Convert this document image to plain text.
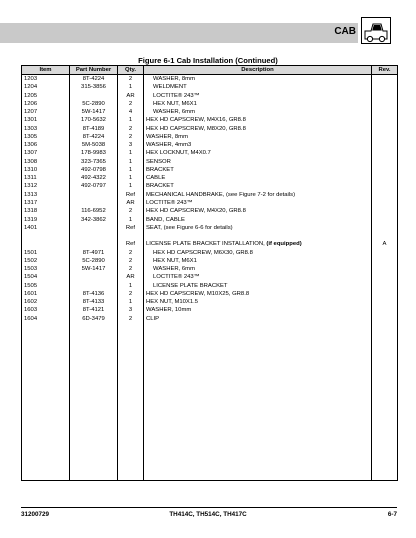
CAB
Figure 6-1 Cab Installation (Continued)
Item	Part Number	Qty.	Description	Rev.
1203	8T-4224	2	WASHER, 8mm	
1204	315-3856	1	WELDMENT	
1205		AR	LOCTITE® 243™	
1206	5C-2890	2	HEX NUT, M6X1	
1207	5W-1417	4	WASHER, 6mm	
1301	170-5632	1	HEX HD CAPSCREW, M4X16, GR8.8	
1303	8T-4189	2	HEX HD CAPSCREW, M8X20, GR8.8	
1305	8T-4224	2	WASHER, 8mm	
1306	5M-5038	3	WASHER, 4mm3	
1307	178-9983	1	HEX LOCKNUT, M4X0.7	
1308	323-7365	1	SENSOR	
1310	492-0798	1	BRACKET	
1311	492-4322	1	CABLE	
1312	492-0797	1	BRACKET	
1313		Ref	MECHANICAL HANDBRAKE, (see Figure 7-2 for details)	
1317		AR	LOCTITE® 243™	
1318	116-6952	2	HEX HD CAPSCREW, M4X20, GR8.8	
1319	342-3862	1	BAND, CABLE	
1401		Ref	SEAT, (see Figure 6-6 for details)	

		Ref	LICENSE PLATE BRACKET INSTALLATION, (if equipped)	A
1501	8T-4971	2	HEX HD CAPSCREW, M6X30, GR8.8	
1502	5C-2890	2	HEX NUT, M6X1	
1503	5W-1417	2	WASHER, 6mm	
1504		AR	LOCTITE® 243™	
1505		1	LICENSE PLATE BRACKET	
1601	8T-4136	2	HEX HD CAPSCREW, M10X25, GR8.8	
1602	8T-4133	1	HEX NUT, M10X1.5	
1603	8T-4121	3	WASHER, 10mm	
1604	6D-3479	2	CLIP	

31200729	TH414C, TH514C, TH417C	6-7
